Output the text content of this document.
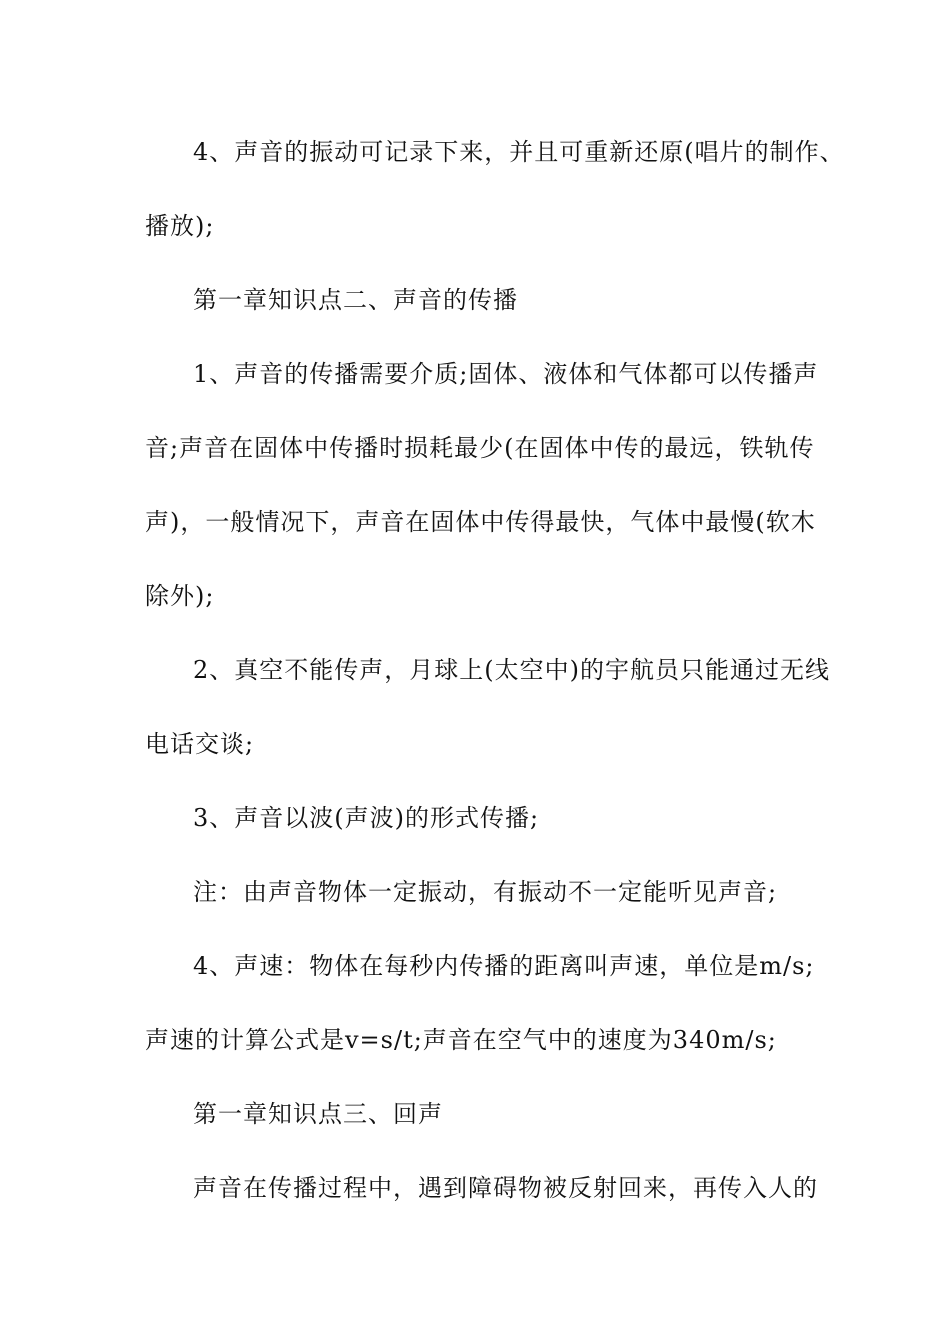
4、声音的振动可记录下来，并且可重新还原(唱片的制作、
播放);
第一章知识点二、声音的传播
1、声音的传播需要介质;固体、液体和气体都可以传播声
音;声音在固体中传播时损耗最少(在固体中传的最远，铁轨传
声)，一般情况下，声音在固体中传得最快，气体中最慢(软木
除外);
2、真空不能传声，月球上(太空中)的宇航员只能通过无线
电话交谈;
3、声音以波(声波)的形式传播;
注：由声音物体一定振动，有振动不一定能听见声音;
4、声速：物体在每秒内传播的距离叫声速，单位是m/s;
声速的计算公式是v=s/t;声音在空气中的速度为340m/s;
第一章知识点三、回声
声音在传播过程中，遇到障碍物被反射回来，再传入人的
